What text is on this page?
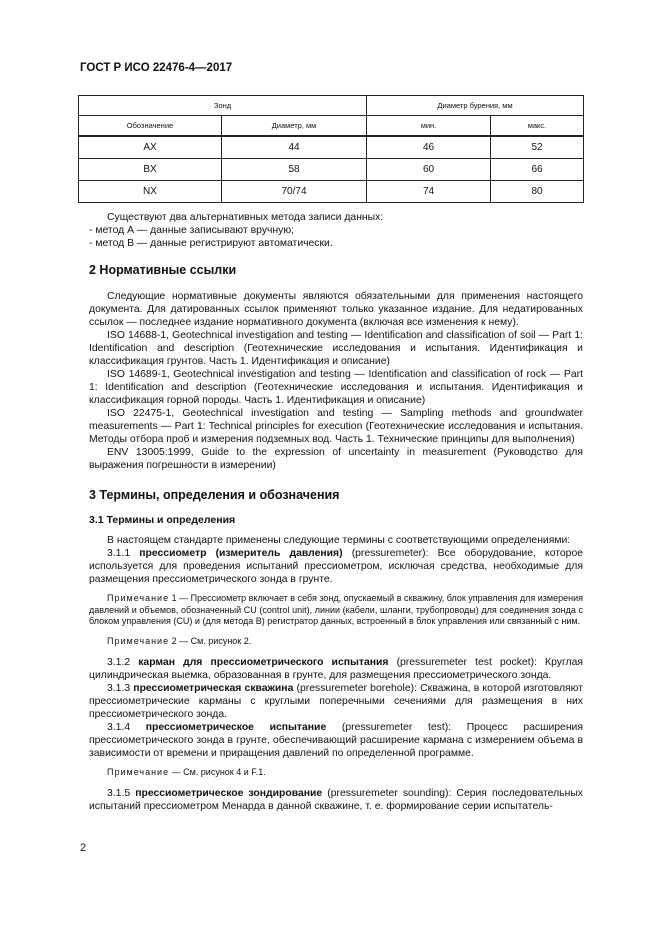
ГОСТ Р ИСО 22476-4—2017
Зонд		Диаметр бурения, мм	
Обозначение	Диаметр, мм	мин.	макс.
AX	44	46	52
BX	58	60	66
NX	70/74	74	80

Существуют два альтернативных метода записи данных:

- метод А — данные записывают вручную;

- метод В — данные регистрируют автоматически.

2 Нормативные ссылки

Следующие нормативные документы являются обязательными для применения настоящего документа. Для датированных ссылок применяют только указанное издание. Для недатированных ссылок — последнее издание нормативного документа (включая все изменения к нему).

ISO 14688-1, Geotechnical investigation and testing — Identification and classification of soil — Part 1: Identification and description (Геотехнические исследования и испытания. Идентификация и классификация грунтов. Часть 1. Идентификация и описание)

ISO 14689-1, Geotechnical investigation and testing — Identification and classification of rock — Part 1: Identification and description (Геотехнические исследования и испытания. Идентификация и классификация горной породы. Часть 1. Идентификация и описание)

ISO 22475-1, Geotechnical investigation and testing — Sampling methods and groundwater measurements — Part 1: Technical principles for execution (Геотехнические исследования и испытания. Методы отбора проб и измерения подземных вод. Часть 1. Технические принципы для выполнения)

ENV 13005:1999, Guide to the expression of uncertainty in measurement (Руководство для выражения погрешности в измерении)

3 Термины, определения и обозначения
3.1 Термины и определения

В настоящем стандарте применены следующие термины с соответствующими определениями:

3.1.1 прессиометр (измеритель давления) (pressuremeter): Все оборудование, которое используется для проведения испытаний прессиометром, исключая средства, необходимые для размещения прессиометрического зонда в грунте.

Примечание 1 — Прессиометр включает в себя зонд, опускаемый в скважину, блок управления для измерения давлений и объемов, обозначенный CU (control unit), линии (кабели, шланги, трубопроводы) для соединения зонда с блоком управления (CU) и (для метода B) регистратор данных, встроенный в блок управления или связанный с ним.

Примечание 2 — См. рисунок 2.

3.1.2 карман для прессиометрического испытания (pressuremeter test pocket): Круглая цилиндрическая выемка, образованная в грунте, для размещения прессиометрического зонда.

3.1.3 прессиометрическая скважина (pressuremeter borehole): Скважина, в которой изготовляют прессиометрические карманы с круглыми поперечными сечениями для размещения в них прессиометрического зонда.

3.1.4 прессиометрическое испытание (pressuremeter test): Процесс расширения прессиометрического зонда в грунте, обеспечивающий расширение кармана с измерением объема в зависимости от времени и приращения давлений по определенной программе.

Примечание — См. рисунок 4 и F.1.

3.1.5 прессиометрическое зондирование (pressuremeter sounding): Серия последовательных испытаний прессиометром Менарда в данной скважине, т. е. формирование серии испытатель-

2
